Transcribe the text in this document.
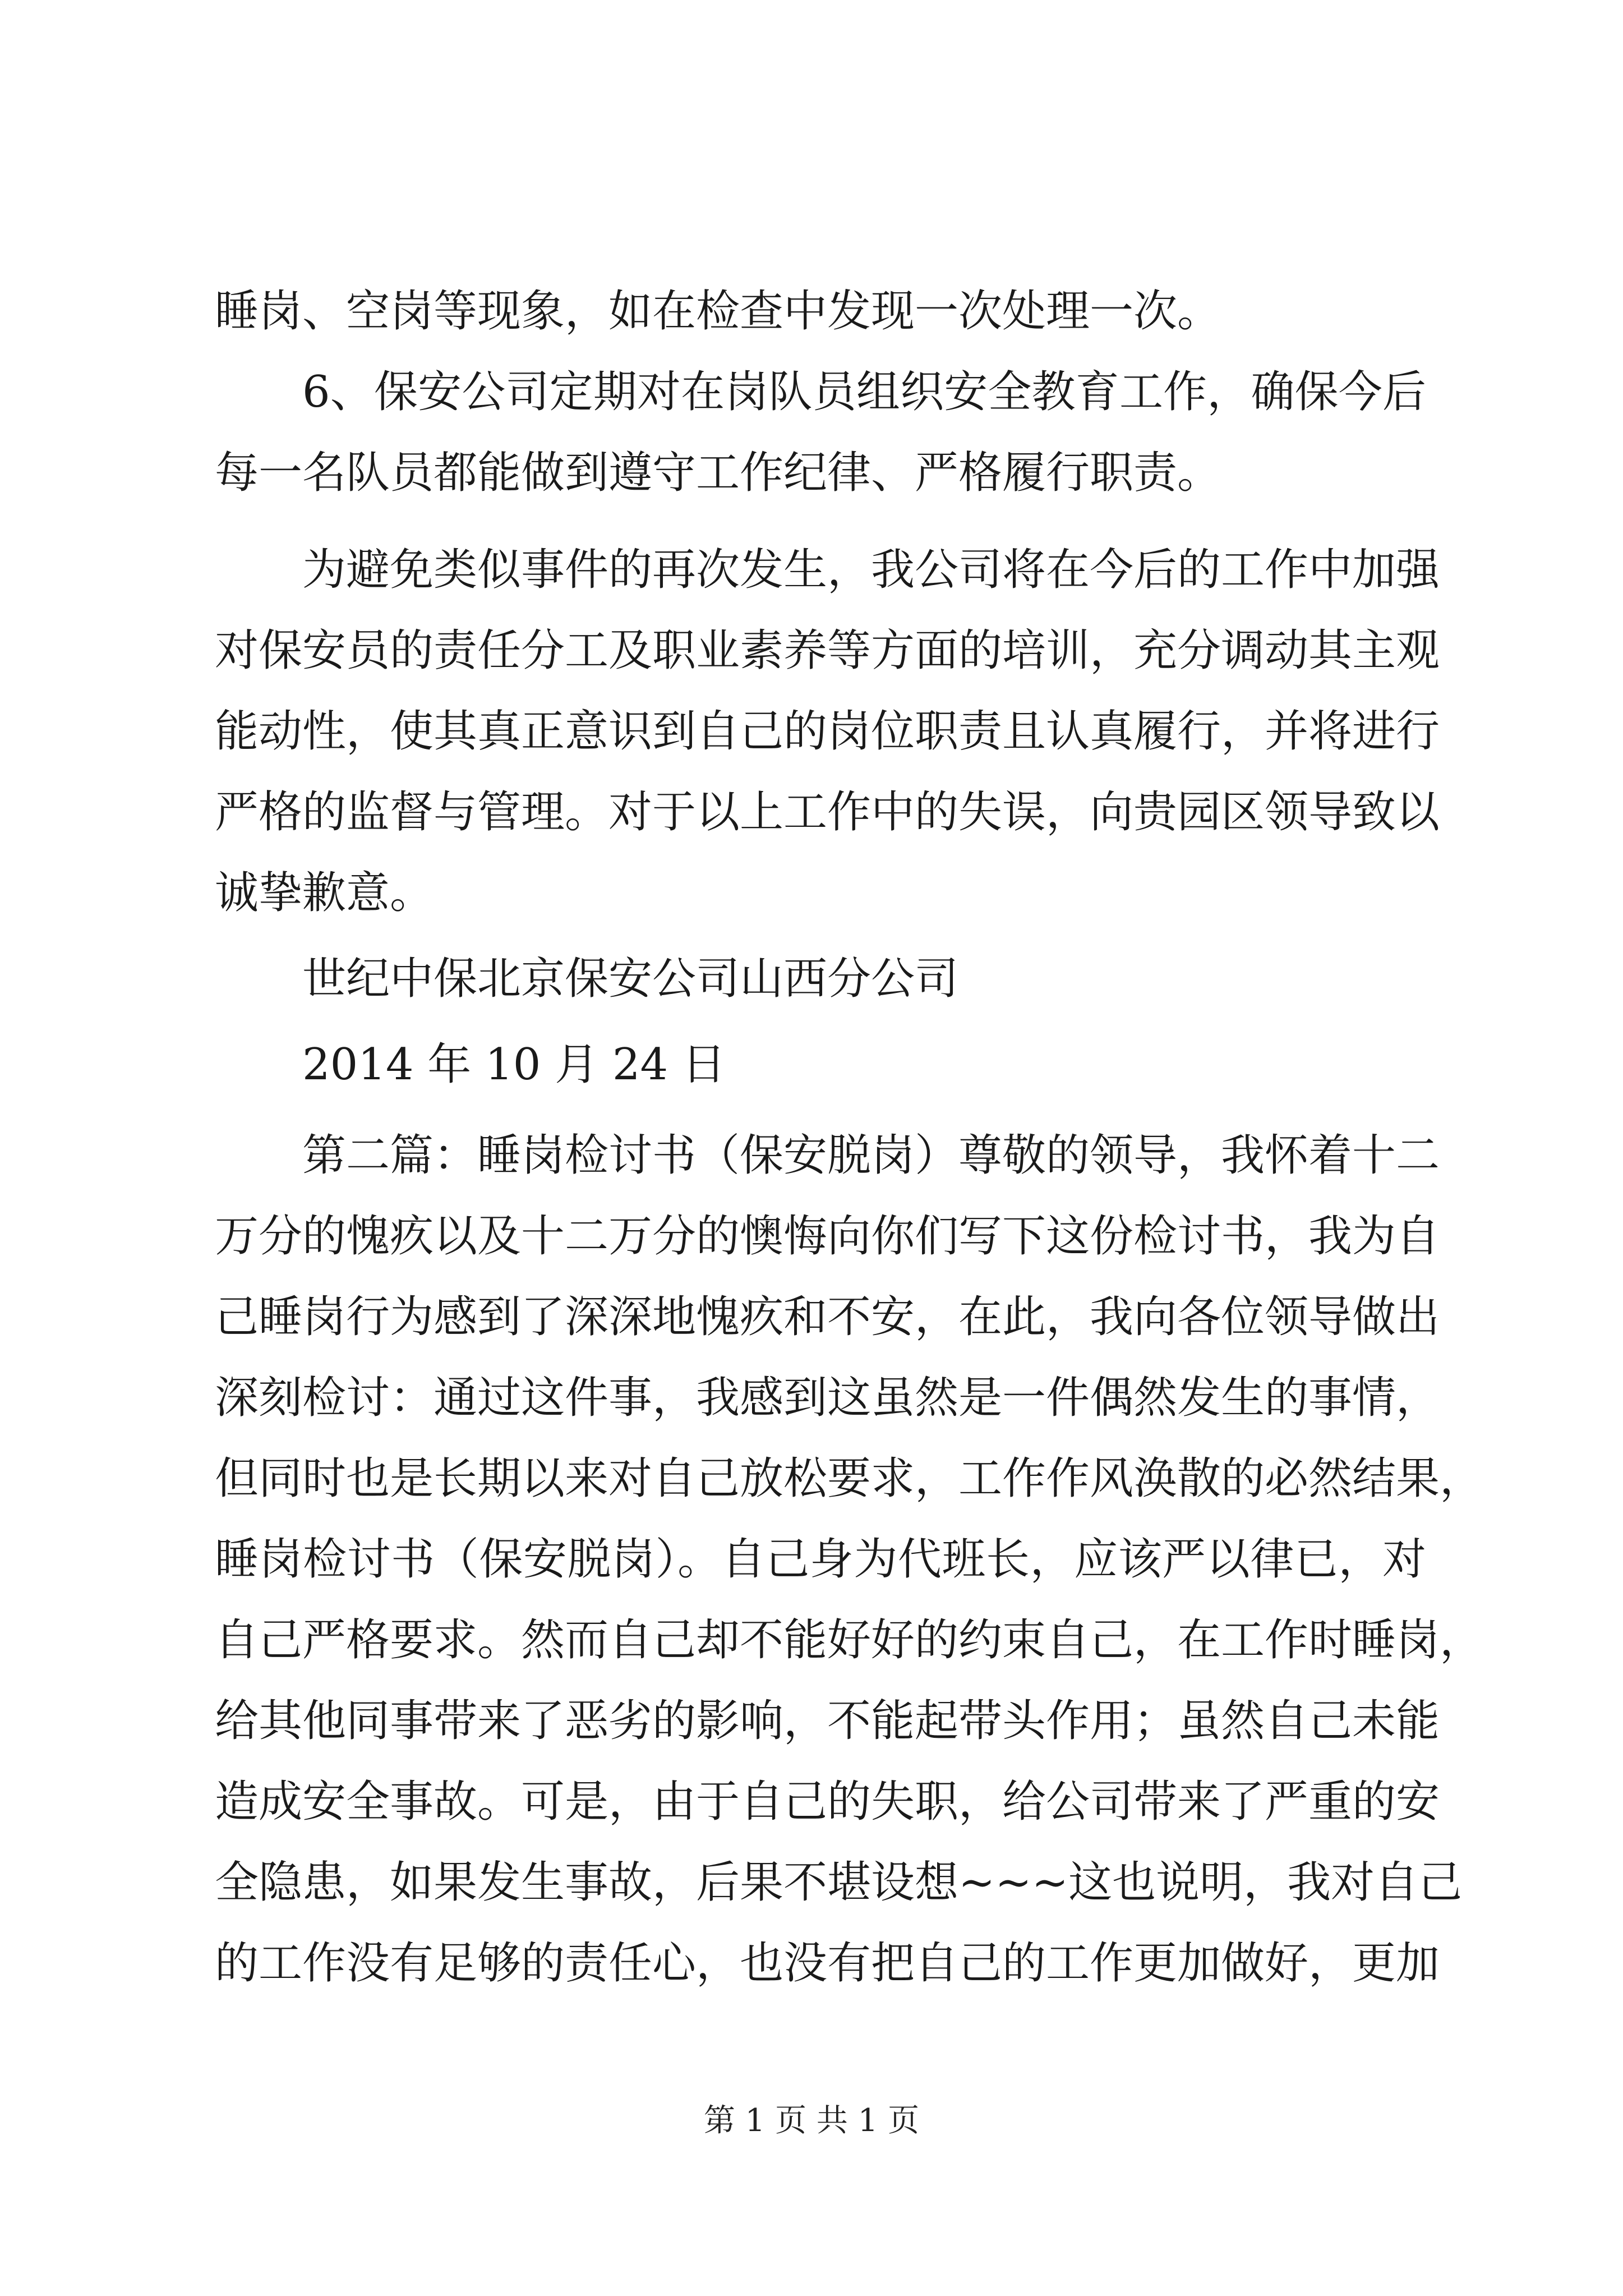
睡岗、空岗等现象，如在检查中发现一次处理一次。
6、保安公司定期对在岗队员组织安全教育工作，确保今后
每一名队员都能做到遵守工作纪律、严格履行职责。
为避免类似事件的再次发生，我公司将在今后的工作中加强
对保安员的责任分工及职业素养等方面的培训，充分调动其主观
能动性，使其真正意识到自己的岗位职责且认真履行，并将进行
严格的监督与管理。对于以上工作中的失误，向贵园区领导致以
诚挚歉意。
世纪中保北京保安公司山西分公司
2014 年 10 月 24 日
第二篇：睡岗检讨书（保安脱岗）尊敬的领导，我怀着十二
万分的愧疚以及十二万分的懊悔向你们写下这份检讨书，我为自
己睡岗行为感到了深深地愧疚和不安，在此，我向各位领导做出
深刻检讨：通过这件事，我感到这虽然是一件偶然发生的事情，
但同时也是长期以来对自己放松要求，工作作风涣散的必然结果，
睡岗检讨书（保安脱岗）。自己身为代班长，应该严以律已，对
自己严格要求。然而自己却不能好好的约束自己，在工作时睡岗，
给其他同事带来了恶劣的影响，不能起带头作用；虽然自己未能
造成安全事故。可是，由于自己的失职，给公司带来了严重的安
全隐患，如果发生事故，后果不堪设想~~~这也说明，我对自己
的工作没有足够的责任心，也没有把自己的工作更加做好，更加
第 1 页 共 1 页
